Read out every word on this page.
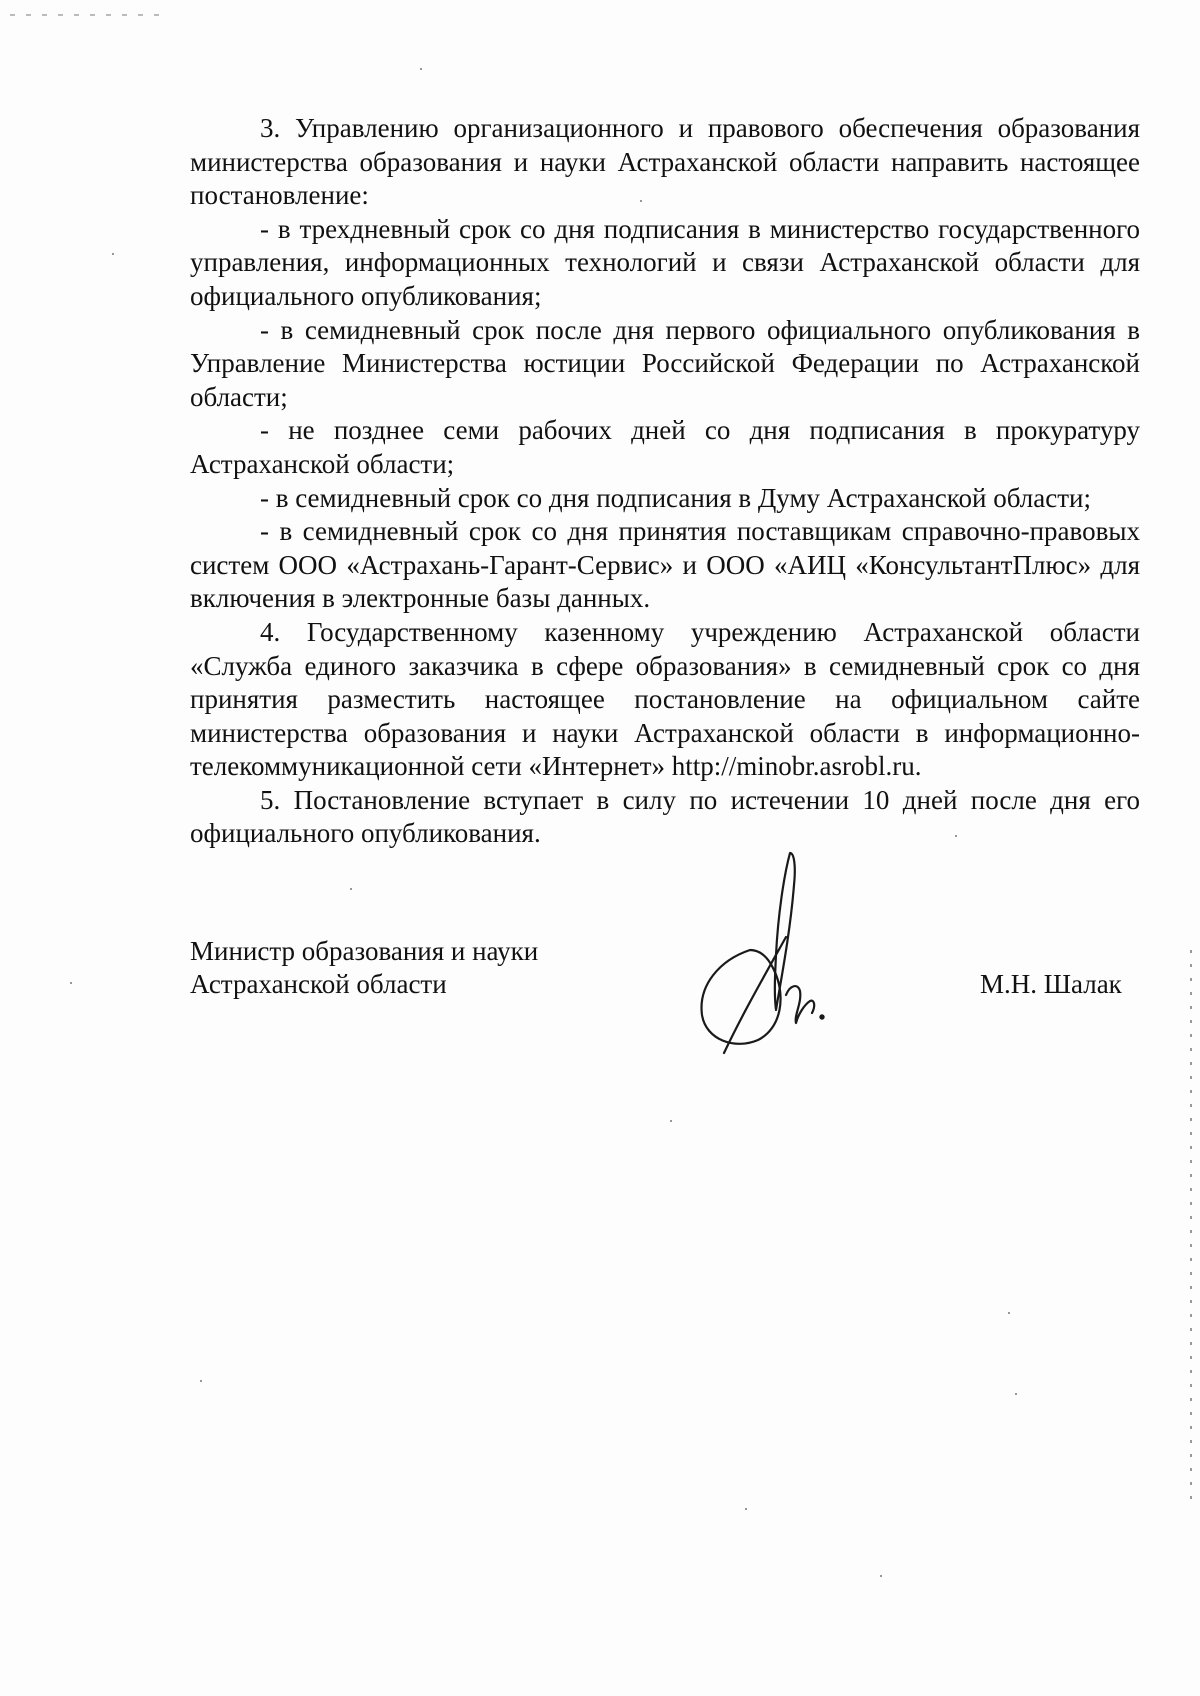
3. Управлению организационного и правового обеспечения образования министерства образования и науки Астраханской области направить настоящее постановление:

- в трехдневный срок со дня подписания в министерство государственного управления, информационных технологий и связи Астраханской области для официального опубликования;

- в семидневный срок после дня первого официального опубликования в Управление Министерства юстиции Российской Федерации по Астраханской области;

- не позднее семи рабочих дней со дня подписания в прокуратуру Астраханской области;

- в семидневный срок со дня подписания в Думу Астраханской области;

- в семидневный срок со дня принятия поставщикам справочно-правовых систем ООО «Астрахань-Гарант-Сервис» и ООО «АИЦ «КонсультантПлюс» для включения в электронные базы данных.

4. Государственному казенному учреждению Астраханской области «Служба единого заказчика в сфере образования» в семидневный срок со дня принятия разместить настоящее постановление на официальном сайте министерства образования и науки Астраханской области в информационно-телекоммуникационной сети «Интернет» http://minobr.asrobl.ru.

5. Постановление вступает в силу по истечении 10 дней после дня его официального опубликования.

Министр образования и науки
Астраханской области	М.Н. Шалак
